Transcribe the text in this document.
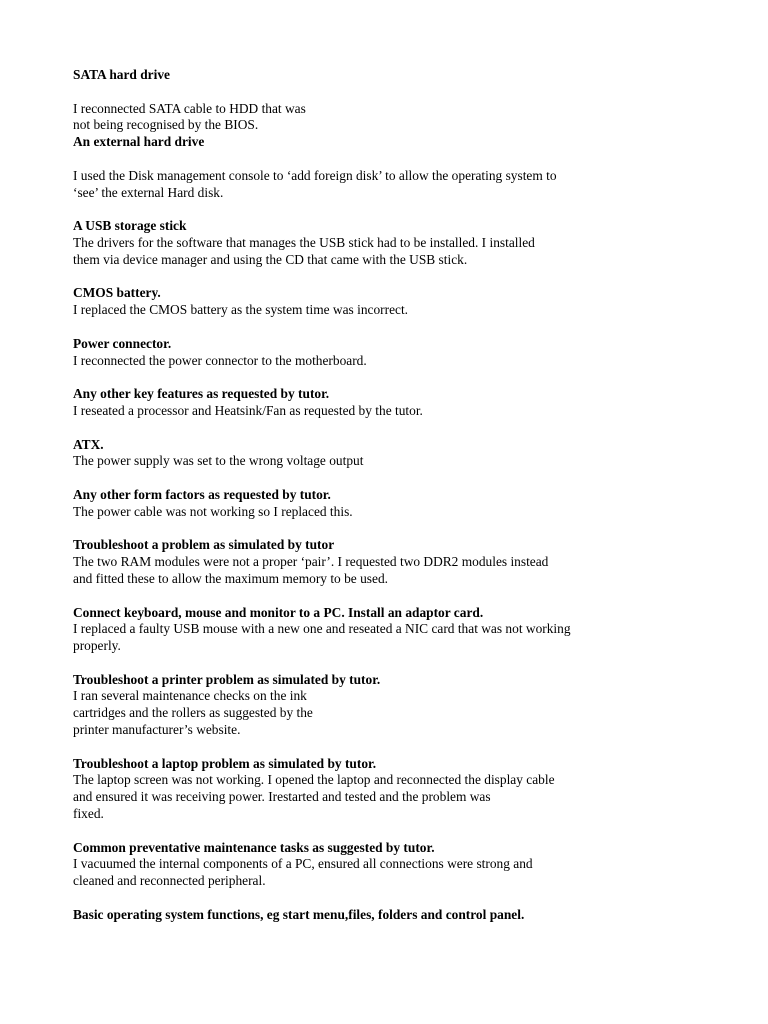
SATA hard drive

I reconnected SATA cable to HDD that was
not being recognised by the BIOS.

An external hard drive

I used the Disk management console to ‘add foreign disk’ to allow the operating system to
‘see’ the external Hard disk.

A USB storage stick

The drivers for the software that manages the USB stick had to be installed. I installed
them via device manager and using the CD that came with the USB stick.

CMOS battery.

I replaced the CMOS battery as the system time was incorrect.

Power connector.

I reconnected the power connector to the motherboard.

Any other key features as requested by tutor.

I reseated a processor and Heatsink/Fan as requested by the tutor.

ATX.

The power supply was set to the wrong voltage output

Any other form factors as requested by tutor.

The power cable was not working so I replaced this.

Troubleshoot a problem as simulated by tutor

The two RAM modules were not a proper ‘pair’. I requested two DDR2 modules instead
and fitted these to allow the maximum memory to be used.

Connect keyboard, mouse and monitor to a PC. Install an adaptor card.

I replaced a faulty USB mouse with a new one and reseated a NIC card that was not working
properly.

Troubleshoot a printer problem as simulated by tutor.

I ran several maintenance checks on the ink
cartridges and the rollers as suggested by the
printer manufacturer’s website.

Troubleshoot a laptop problem as simulated by tutor.

The laptop screen was not working. I opened the laptop and reconnected the display cable
and ensured it was receiving power. Irestarted and tested and the problem was
fixed.

Common preventative maintenance tasks as suggested by tutor.

I vacuumed the internal components of a PC, ensured all connections were strong and
cleaned and reconnected peripheral.

Basic operating system functions, eg start menu,files, folders and control panel.
